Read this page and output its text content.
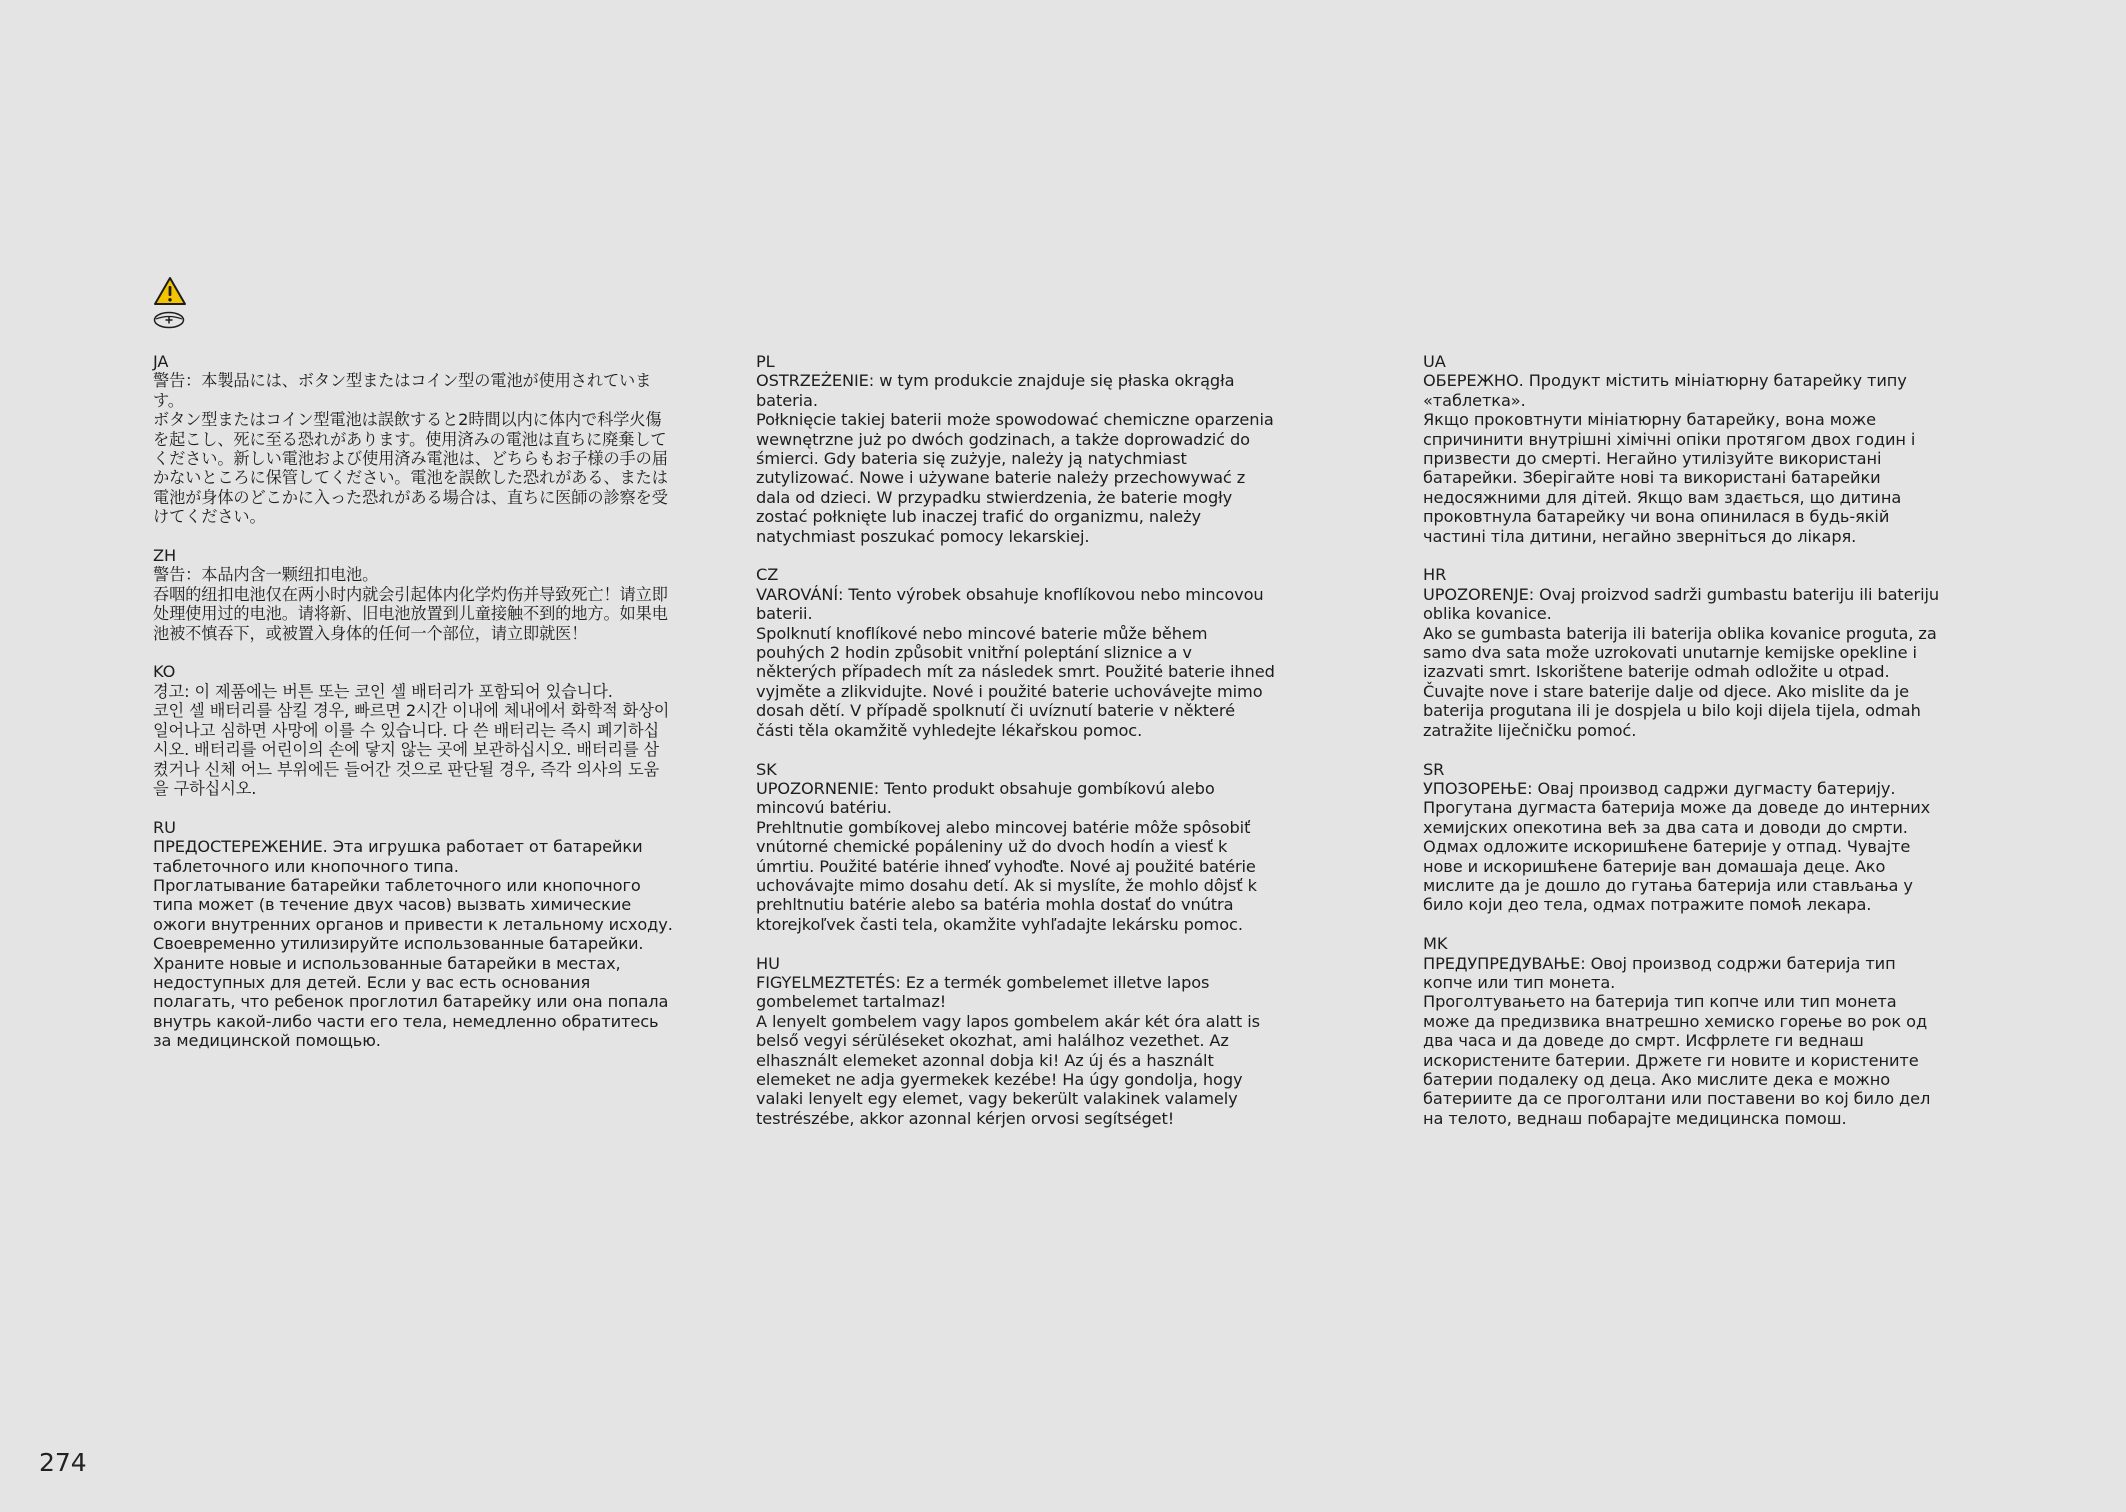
JA

警告：本製品には、ボタン型またはコイン型の電池が使用されています。
ボタン型またはコイン型電池は誤飲すると2時間以内に体内で科学火傷を起こし、死に至る恐れがあります。使用済みの電池は直ちに廃棄してください。新しい電池および使用済み電池は、どちらもお子様の手の届かないところに保管してください。電池を誤飲した恐れがある、または電池が身体のどこかに入った恐れがある場合は、直ちに医師の診察を受けてください。

ZH

警告：本品内含一颗纽扣电池。
吞咽的纽扣电池仅在两小时内就会引起体内化学灼伤并导致死亡！请立即处理使用过的电池。请将新、旧电池放置到儿童接触不到的地方。如果电池被不慎吞下，或被置入身体的任何一个部位，请立即就医！

KO

경고: 이 제품에는 버튼 또는 코인 셀 배터리가 포함되어 있습니다.
코인 셀 배터리를 삼킬 경우, 빠르면 2시간 이내에 체내에서 화학적 화상이 일어나고 심하면 사망에 이를 수 있습니다. 다 쓴 배터리는 즉시 폐기하십시오. 배터리를 어린이의 손에 닿지 않는 곳에 보관하십시오. 배터리를 삼켰거나 신체 어느 부위에든 들어간 것으로 판단될 경우, 즉각 의사의 도움을 구하십시오.

RU

ПРЕДОСТЕРЕЖЕНИЕ. Эта игрушка работает от батарейки таблеточного или кнопочного типа.
Проглатывание батарейки таблеточного или кнопочного типа может (в течение двух часов) вызвать химические ожоги внутренних органов и привести к летальному исходу. Своевременно утилизируйте использованные батарейки. Храните новые и использованные батарейки в местах, недоступных для детей. Если у вас есть основания полагать, что ребенок проглотил батарейку или она попала внутрь какой-либо части его тела, немедленно обратитесь за медицинской помощью.

PL

OSTRZEŻENIE: w tym produkcie znajduje się płaska okrągła bateria.
Połknięcie takiej baterii może spowodować chemiczne oparzenia wewnętrzne już po dwóch godzinach, a także doprowadzić do śmierci. Gdy bateria się zużyje, należy ją natychmiast zutylizować. Nowe i używane baterie należy przechowywać z dala od dzieci. W przypadku stwierdzenia, że baterie mogły zostać połknięte lub inaczej trafić do organizmu, należy natychmiast poszukać pomocy lekarskiej.

CZ

VAROVÁNÍ: Tento výrobek obsahuje knoflíkovou nebo mincovou baterii.
Spolknutí knoflíkové nebo mincové baterie může během pouhých 2 hodin způsobit vnitřní poleptání sliznice a v některých případech mít za následek smrt. Použité baterie ihned vyjměte a zlikvidujte. Nové i použité baterie uchovávejte mimo dosah dětí. V případě spolknutí či uvíznutí baterie v některé části těla okamžitě vyhledejte lékařskou pomoc.

SK

UPOZORNENIE: Tento produkt obsahuje gombíkovú alebo mincovú batériu.
Prehltnutie gombíkovej alebo mincovej batérie môže spôsobiť vnútorné chemické popáleniny už do dvoch hodín a viesť k úmrtiu. Použité batérie ihneď vyhoďte. Nové aj použité batérie uchovávajte mimo dosahu detí. Ak si myslíte, že mohlo dôjsť k prehltnutiu batérie alebo sa batéria mohla dostať do vnútra ktorejkoľvek časti tela, okamžite vyhľadajte lekársku pomoc.

HU

FIGYELMEZTETÉS: Ez a termék gombelemet illetve lapos gombelemet tartalmaz!
A lenyelt gombelem vagy lapos gombelem akár két óra alatt is belső vegyi sérüléseket okozhat, ami halálhoz vezethet. Az elhasznált elemeket azonnal dobja ki! Az új és a használt elemeket ne adja gyermekek kezébe! Ha úgy gondolja, hogy valaki lenyelt egy elemet, vagy bekerült valakinek valamely testrészébe, akkor azonnal kérjen orvosi segítséget!

UA

ОБЕРЕЖНО. Продукт містить мініатюрну батарейку типу «таблетка».
Якщо проковтнути мініатюрну батарейку, вона може спричинити внутрішні хімічні опіки протягом двох годин і призвести до смерті. Негайно утилізуйте використані батарейки. Зберігайте нові та використані батарейки недосяжними для дітей. Якщо вам здається, що дитина проковтнула батарейку чи вона опинилася в будь-якій частині тіла дитини, негайно зверніться до лікаря.

HR

UPOZORENJE: Ovaj proizvod sadrži gumbastu bateriju ili bateriju oblika kovanice.
Ako se gumbasta baterija ili baterija oblika kovanice proguta, za samo dva sata može uzrokovati unutarnje kemijske opekline i izazvati smrt. Iskorištene baterije odmah odložite u otpad. Čuvajte nove i stare baterije dalje od djece. Ako mislite da je baterija progutana ili je dospjela u bilo koji dijela tijela, odmah zatražite liječničku pomoć.

SR

УПОЗОРЕЊЕ: Овај производ садржи дугмасту батерију.
Прогутана дугмаста батерија може да доведе до интерних хемијских опекотина већ за два сата и доводи до смрти. Одмах одложите искоришћене батерије у отпад. Чувајте нове и искоришћене батерије ван домашаја деце. Ако мислите да је дошло до гутања батерија или стављања у било који део тела, одмах потражите помоћ лекара.

MK

ПРЕДУПРЕДУВАЊЕ: Овој производ содржи батерија тип копче или тип монета.
Проголтувањето на батерија тип копче или тип монета може да предизвика внатрешно хемиско горење во рок од два часа и да доведе до смрт. Исфрлете ги веднаш искористените батерии. Држете ги новите и користените батерии подалеку од деца. Ако мислите дека е можно батериите да се проголтани или поставени во кој било дел на телото, веднаш побарајте медицинска помош.

274
